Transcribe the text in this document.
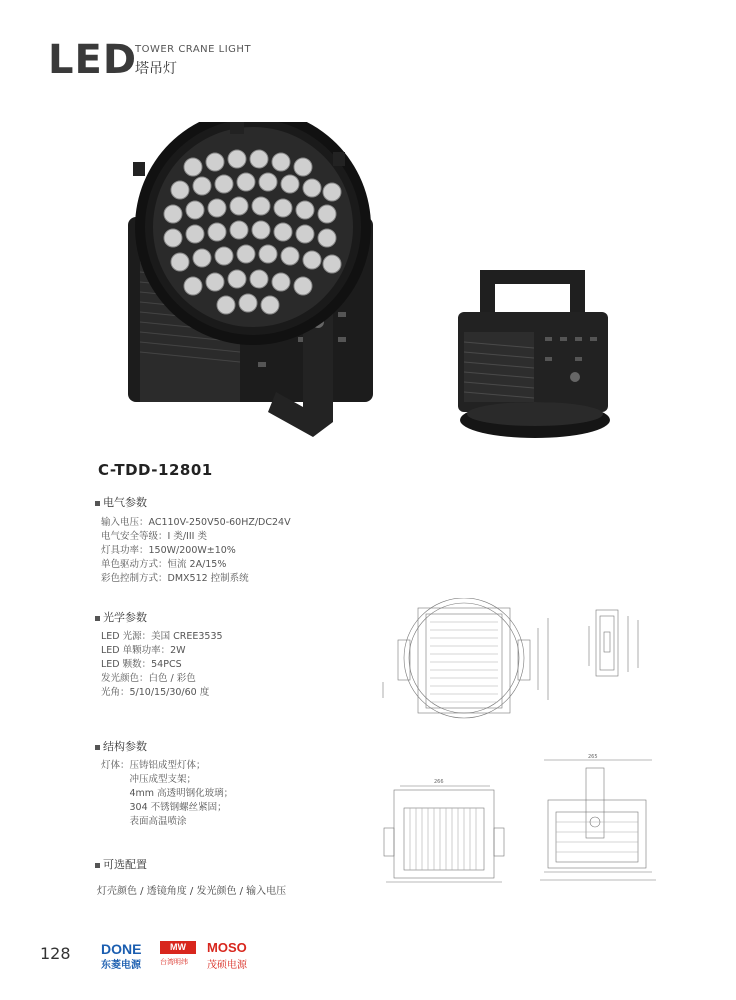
LED
TOWER CRANE LIGHT
塔吊灯
C-TDD-12801
电气参数
输入电压：AC110V-250V50-60HZ/DC24V
电气安全等级：I 类/III 类
灯具功率：150W/200W±10%
单色驱动方式：恒流 2A/15%
彩色控制方式：DMX512 控制系统
光学参数
LED 光源：美国 CREE3535
LED 单颗功率：2W
LED 颗数：54PCS
发光颜色：白色 / 彩色
光角：5/10/15/30/60 度
结构参数
灯体：压铸铝成型灯体；
　　　冲压成型支架；
　　　4mm 高透明钢化玻璃；
　　　304 不锈钢螺丝紧固；
　　　表面高温喷涂
266
265
可选配置
灯壳颜色 / 透镜角度 / 发光颜色 / 输入电压
128 DONE
东菱电源
MW
台湾明纬
MOSO
茂硕电源
